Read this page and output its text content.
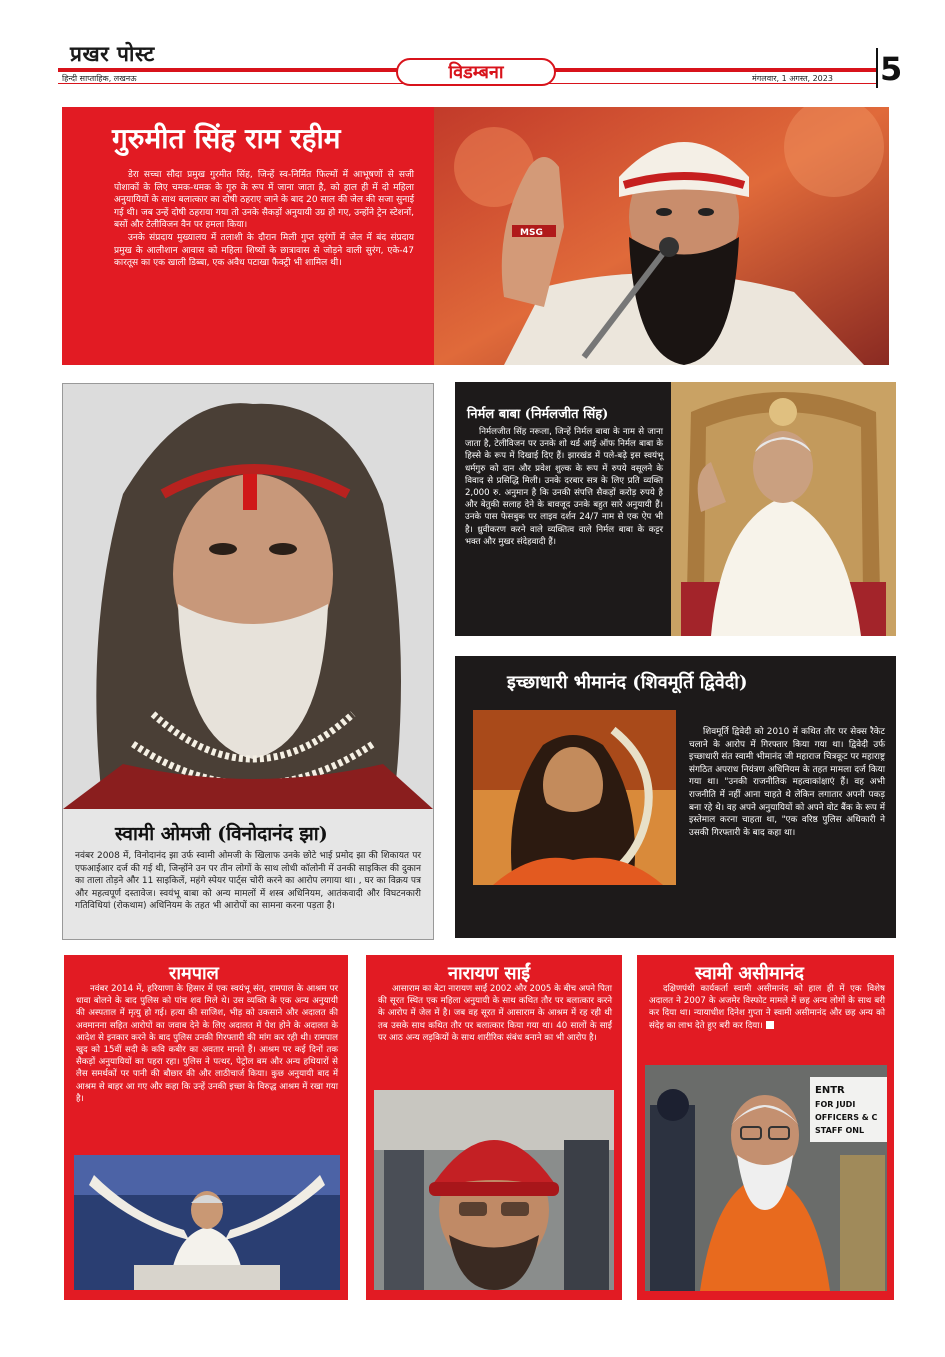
प्रखर पोस्ट
हिन्दी साप्ताहिक, लखनऊ	विडम्बना	मंगलवार, 1 अगस्त, 2023 5
गुरुमीत सिंह राम रहीम

डेरा सच्चा सौदा प्रमुख गुरमीत सिंह, जिन्हें स्व-निर्मित फिल्मों में आभूषणों से सजी पोशाकों के लिए चमक-धमक के गुरु के रूप में जाना जाता है, को हाल ही में दो महिला अनुयायियों के साथ बलात्कार का दोषी ठहराए जाने के बाद 20 साल की जेल की सजा सुनाई गई थी। जब उन्हें दोषी ठहराया गया तो उनके सैकड़ों अनुयायी उग्र हो गए, उन्होंने ट्रेन स्टेशनों, बसों और टेलीविजन वैन पर हमला किया।

उनके संप्रदाय मुख्यालय में तलाशी के दौरान मिली गुप्त सुरंगों में जेल में बंद संप्रदाय प्रमुख के आलीशान आवास को महिला शिष्यों के छात्रावास से जोड़ने वाली सुरंग, एके-47 कारतूस का एक खाली डिब्बा, एक अवैध पटाखा फैक्ट्री भी शामिल थी।

MSG
स्वामी ओमजी (विनोदानंद झा)
नवंबर 2008 में, विनोदानंद झा उर्फ स्वामी ओमजी के खिलाफ उनके छोटे भाई प्रमोद झा की शिकायत पर एफआईआर दर्ज की गई थी, जिन्होंने उन पर तीन लोगों के साथ लोधी कॉलोनी में उनकी साइकिल की दुकान का ताला तोड़ने और 11 साइकिलें, महंगे स्पेयर पार्ट्स चोरी करने का आरोप लगाया था। , घर का विक्रय पत्र और महत्वपूर्ण दस्तावेज। स्वयंभू बाबा को अन्य मामलों में शस्त्र अधिनियम, आतंकवादी और विघटनकारी गतिविधियां (रोकथाम) अधिनियम के तहत भी आरोपों का सामना करना पड़ता है।
निर्मल बाबा (निर्मलजीत सिंह)

निर्मलजीत सिंह नरूला, जिन्हें निर्मल बाबा के नाम से जाना जाता है, टेलीविजन पर उनके शो थर्ड आई ऑफ निर्मल बाबा के हिस्से के रूप में दिखाई दिए हैं। झारखंड में पले-बढ़े इस स्वयंभू धर्मगुरु को दान और प्रवेश शुल्क के रूप में रुपये वसूलने के विवाद से प्रसिद्धि मिली। उनके दरबार सत्र के लिए प्रति व्यक्ति 2,000 रु. अनुमान है कि उनकी संपत्ति सैकड़ों करोड़ रुपये है और बेतुकी सलाह देने के बावजूद उनके बहुत सारे अनुयायी हैं। उनके पास फेसबुक पर लाइव दर्शन 24/7 नाम से एक ऐप भी है। ध्रुवीकरण करने वाले व्यक्तित्व वाले निर्मल बाबा के कट्टर भक्त और मुखर संदेहवादी हैं।

इच्छाधारी भीमानंद (शिवमूर्ति द्विवेदी)

शिवमूर्ति द्विवेदी को 2010 में कथित तौर पर सेक्स रैकेट चलाने के आरोप में गिरफ्तार किया गया था। द्विवेदी उर्फ इच्छाधारी संत स्वामी भीमानंद जी महाराज चित्रकूट पर महाराष्ट्र संगठित अपराध नियंत्रण अधिनियम के तहत मामला दर्ज किया गया था। "उनकी राजनीतिक महत्वाकांक्षाएं हैं। वह अभी राजनीति में नहीं आना चाहते थे लेकिन लगातार अपनी पकड़ बना रहे थे। वह अपने अनुयायियों को अपने वोट बैंक के रूप में इस्तेमाल करना चाहता था, "एक वरिष्ठ पुलिस अधिकारी ने उसकी गिरफ्तारी के बाद कहा था।

रामपाल

नवंबर 2014 में, हरियाणा के हिसार में एक स्वयंभू संत, रामपाल के आश्रम पर धावा बोलने के बाद पुलिस को पांच शव मिले थे। उस व्यक्ति के एक अन्य अनुयायी की अस्पताल में मृत्यु हो गई। हत्या की साजिश, भीड़ को उकसाने और अदालत की अवमानना सहित आरोपों का जवाब देने के लिए अदालत में पेश होने के अदालत के आदेश से इनकार करने के बाद पुलिस उनकी गिरफ्तारी की मांग कर रही थी। रामपाल खुद को 15वीं सदी के कवि कबीर का अवतार मानते हैं। आश्रम पर कई दिनों तक सैकड़ों अनुयायियों का पहरा रहा। पुलिस ने पत्थर, पेट्रोल बम और अन्य हथियारों से लैस समर्थकों पर पानी की बौछार की और लाठीचार्ज किया। कुछ अनुयायी बाद में आश्रम से बाहर आ गए और कहा कि उन्हें उनकी इच्छा के विरुद्ध आश्रम में रखा गया है।

नारायण साईं

आसाराम का बेटा नारायण साईं 2002 और 2005 के बीच अपने पिता की सूरत स्थित एक महिला अनुयायी के साथ कथित तौर पर बलात्कार करने के आरोप में जेल में है। जब वह सूरत में आसाराम के आश्रम में रह रही थी तब उसके साथ कथित तौर पर बलात्कार किया गया था। 40 सालों के साईं पर आठ अन्य लड़कियों के साथ शारीरिक संबंध बनाने का भी आरोप है।

स्वामी असीमानंद

दक्षिणपंथी कार्यकर्ता स्वामी असीमानंद को हाल ही में एक विशेष अदालत ने 2007 के अजमेर विस्फोट मामले में छह अन्य लोगों के साथ बरी कर दिया था। न्यायाधीश दिनेश गुप्ता ने स्वामी असीमानंद और छह अन्य को संदेह का लाभ देते हुए बरी कर दिया।

ENTR
FOR JUDI
OFFICERS & C
STAFF ONL
